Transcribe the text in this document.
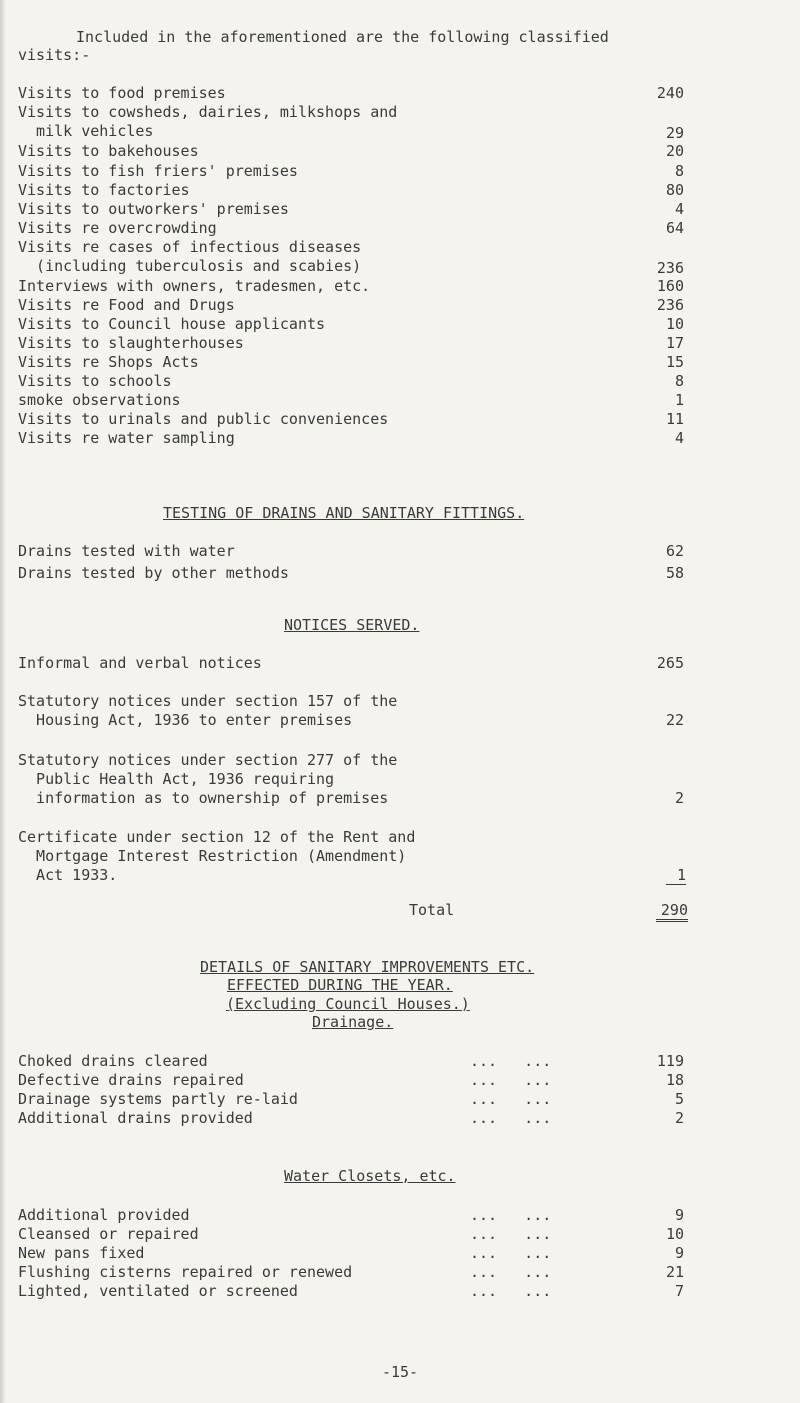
Included in the aforementioned are the following classified
visits:-
Visits to food premises	240
Visits to cowsheds, dairies, milkshops and
milk vehicles	29
Visits to bakehouses	20
Visits to fish friers' premises	8
Visits to factories	80
Visits to outworkers' premises	4
Visits re overcrowding	64
Visits re cases of infectious diseases
(including tuberculosis and scabies)	236
Interviews with owners, tradesmen, etc.	160
Visits re Food and Drugs	236
Visits to Council house applicants	10
Visits to slaughterhouses	17
Visits re Shops Acts	15
Visits to schools	8
smoke observations	1
Visits to urinals and public conveniences	11
Visits re water sampling	4
TESTING OF DRAINS AND SANITARY FITTINGS.
Drains tested with water	62
Drains tested by other methods	58
NOTICES SERVED.
Informal and verbal notices	265
Statutory notices under section 157 of the
Housing Act, 1936 to enter premises	22
Statutory notices under section 277 of the
Public Health Act, 1936 requiring
information as to ownership of premises	2
Certificate under section 12 of the Rent and
Mortgage Interest Restriction (Amendment)
Act 1933.	1
Total	290
DETAILS OF SANITARY IMPROVEMENTS ETC.
EFFECTED DURING THE YEAR.
(Excluding Council Houses.)
Drainage.
Choked drains cleared	...   ...	119
Defective drains repaired	...   ...	18
Drainage systems partly re-laid	...   ...	5
Additional drains provided	...   ...	2
Water Closets, etc.
Additional provided	...   ...	9
Cleansed or repaired	...   ...	10
New pans fixed	...   ...	9
Flushing cisterns repaired or renewed	...   ...	21
Lighted, ventilated or screened	...   ...	7
-15-
